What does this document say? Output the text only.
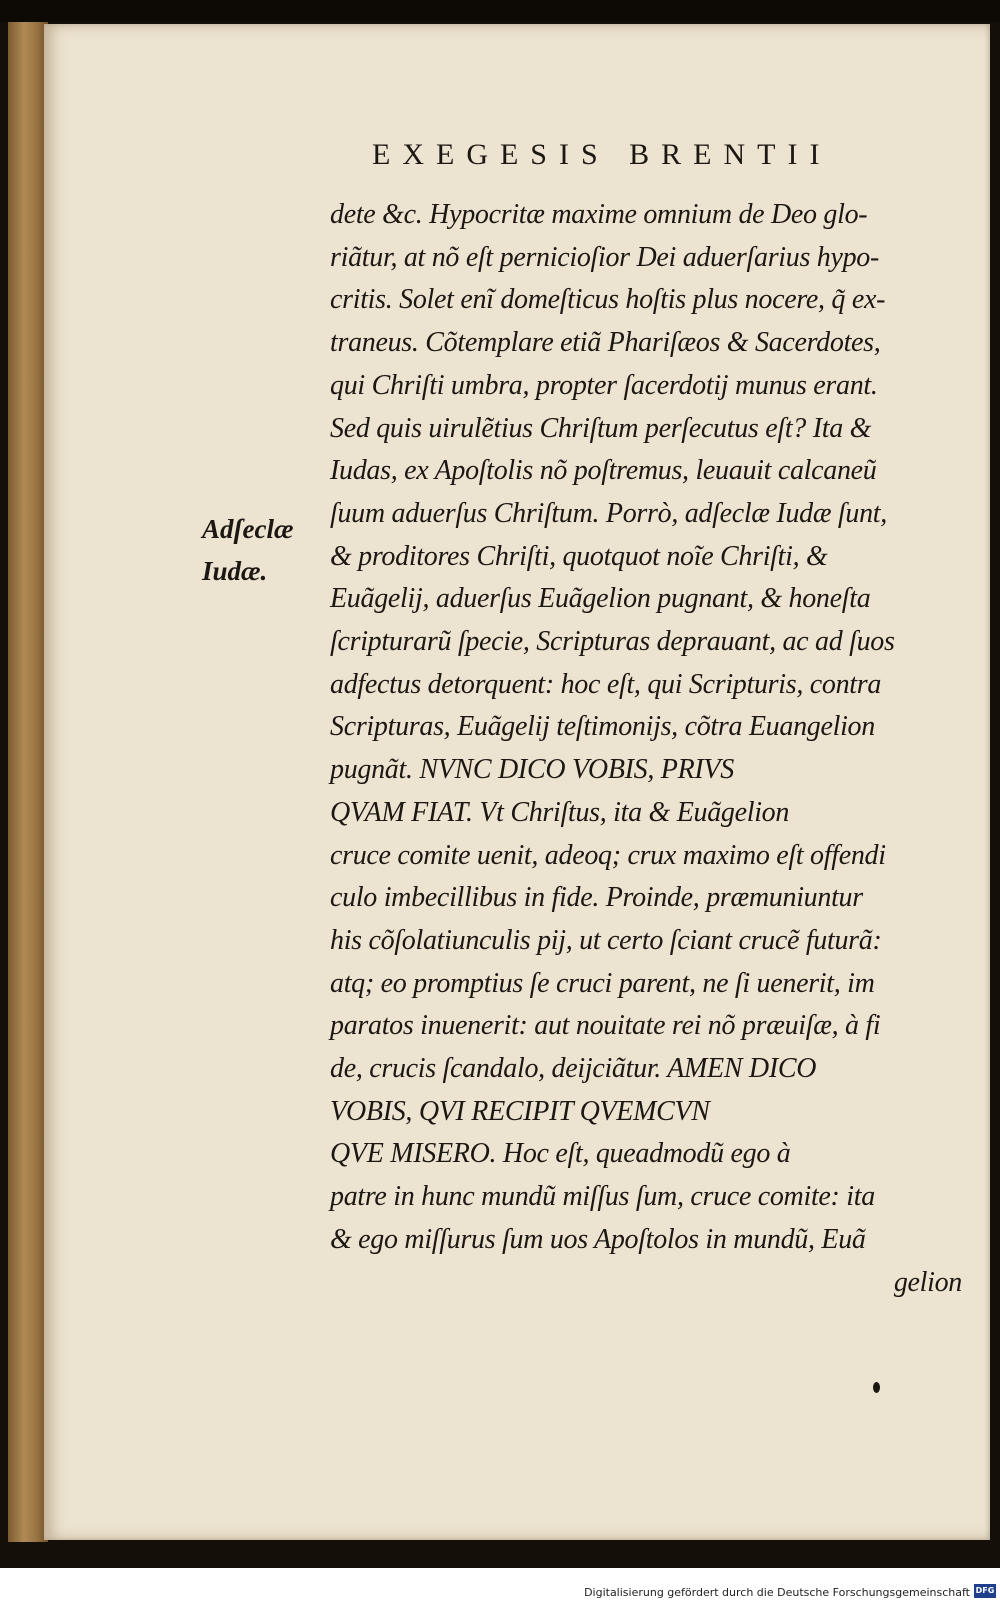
EXEGESIS BRENTII
Adſeclæ
Iudæ.
dete &c. Hypocritæ maxime omnium de Deo glo-
riãtur, at nõ eſt pernicioſior Dei aduerſarius hypo-
critis. Solet enĩ domeſticus hoſtis plus nocere, q̃ ex-
traneus. Cõtemplare etiã Phariſæos & Sacerdotes,
qui Chriſti umbra, propter ſacerdotij munus erant.
Sed quis uirulẽtius Chriſtum perſecutus eſt? Ita &
Iudas, ex Apoſtolis nõ poſtremus, leuauit calcaneũ
ſuum aduerſus Chriſtum. Porrò, adſeclæ Iudæ ſunt,
& proditores Chriſti, quotquot noĩe Chriſti, &
Euãgelij, aduerſus Euãgelion pugnant, & honeſta
ſcripturarũ ſpecie, Scripturas deprauant, ac ad ſuos
adfectus detorquent: hoc eſt, qui Scripturis, contra
Scripturas, Euãgelij teſtimonijs, cõtra Euangelion
pugnãt. NVNC DICO VOBIS, PRIVS
QVAM FIAT. Vt Chriſtus, ita & Euãgelion
cruce comite uenit, adeoq; crux maximo eſt offendi
culo imbecillibus in fide. Proinde, præmuniuntur
his cõſolatiunculis pij, ut certo ſciant crucẽ futurã:
atq; eo promptius ſe cruci parent, ne ſi uenerit, im
paratos inuenerit: aut nouitate rei nõ præuiſæ, à fi
de, crucis ſcandalo, deijciãtur. AMEN DICO
VOBIS, QVI RECIPIT QVEMCVN
QVE MISERO. Hoc eſt, queadmodũ ego à
patre in hunc mundũ miſſus ſum, cruce comite: ita
& ego miſſurus ſum uos Apoſtolos in mundũ, Euã
gelion
Digitalisierung gefördert durch die Deutsche Forschungsgemeinschaft DFG
